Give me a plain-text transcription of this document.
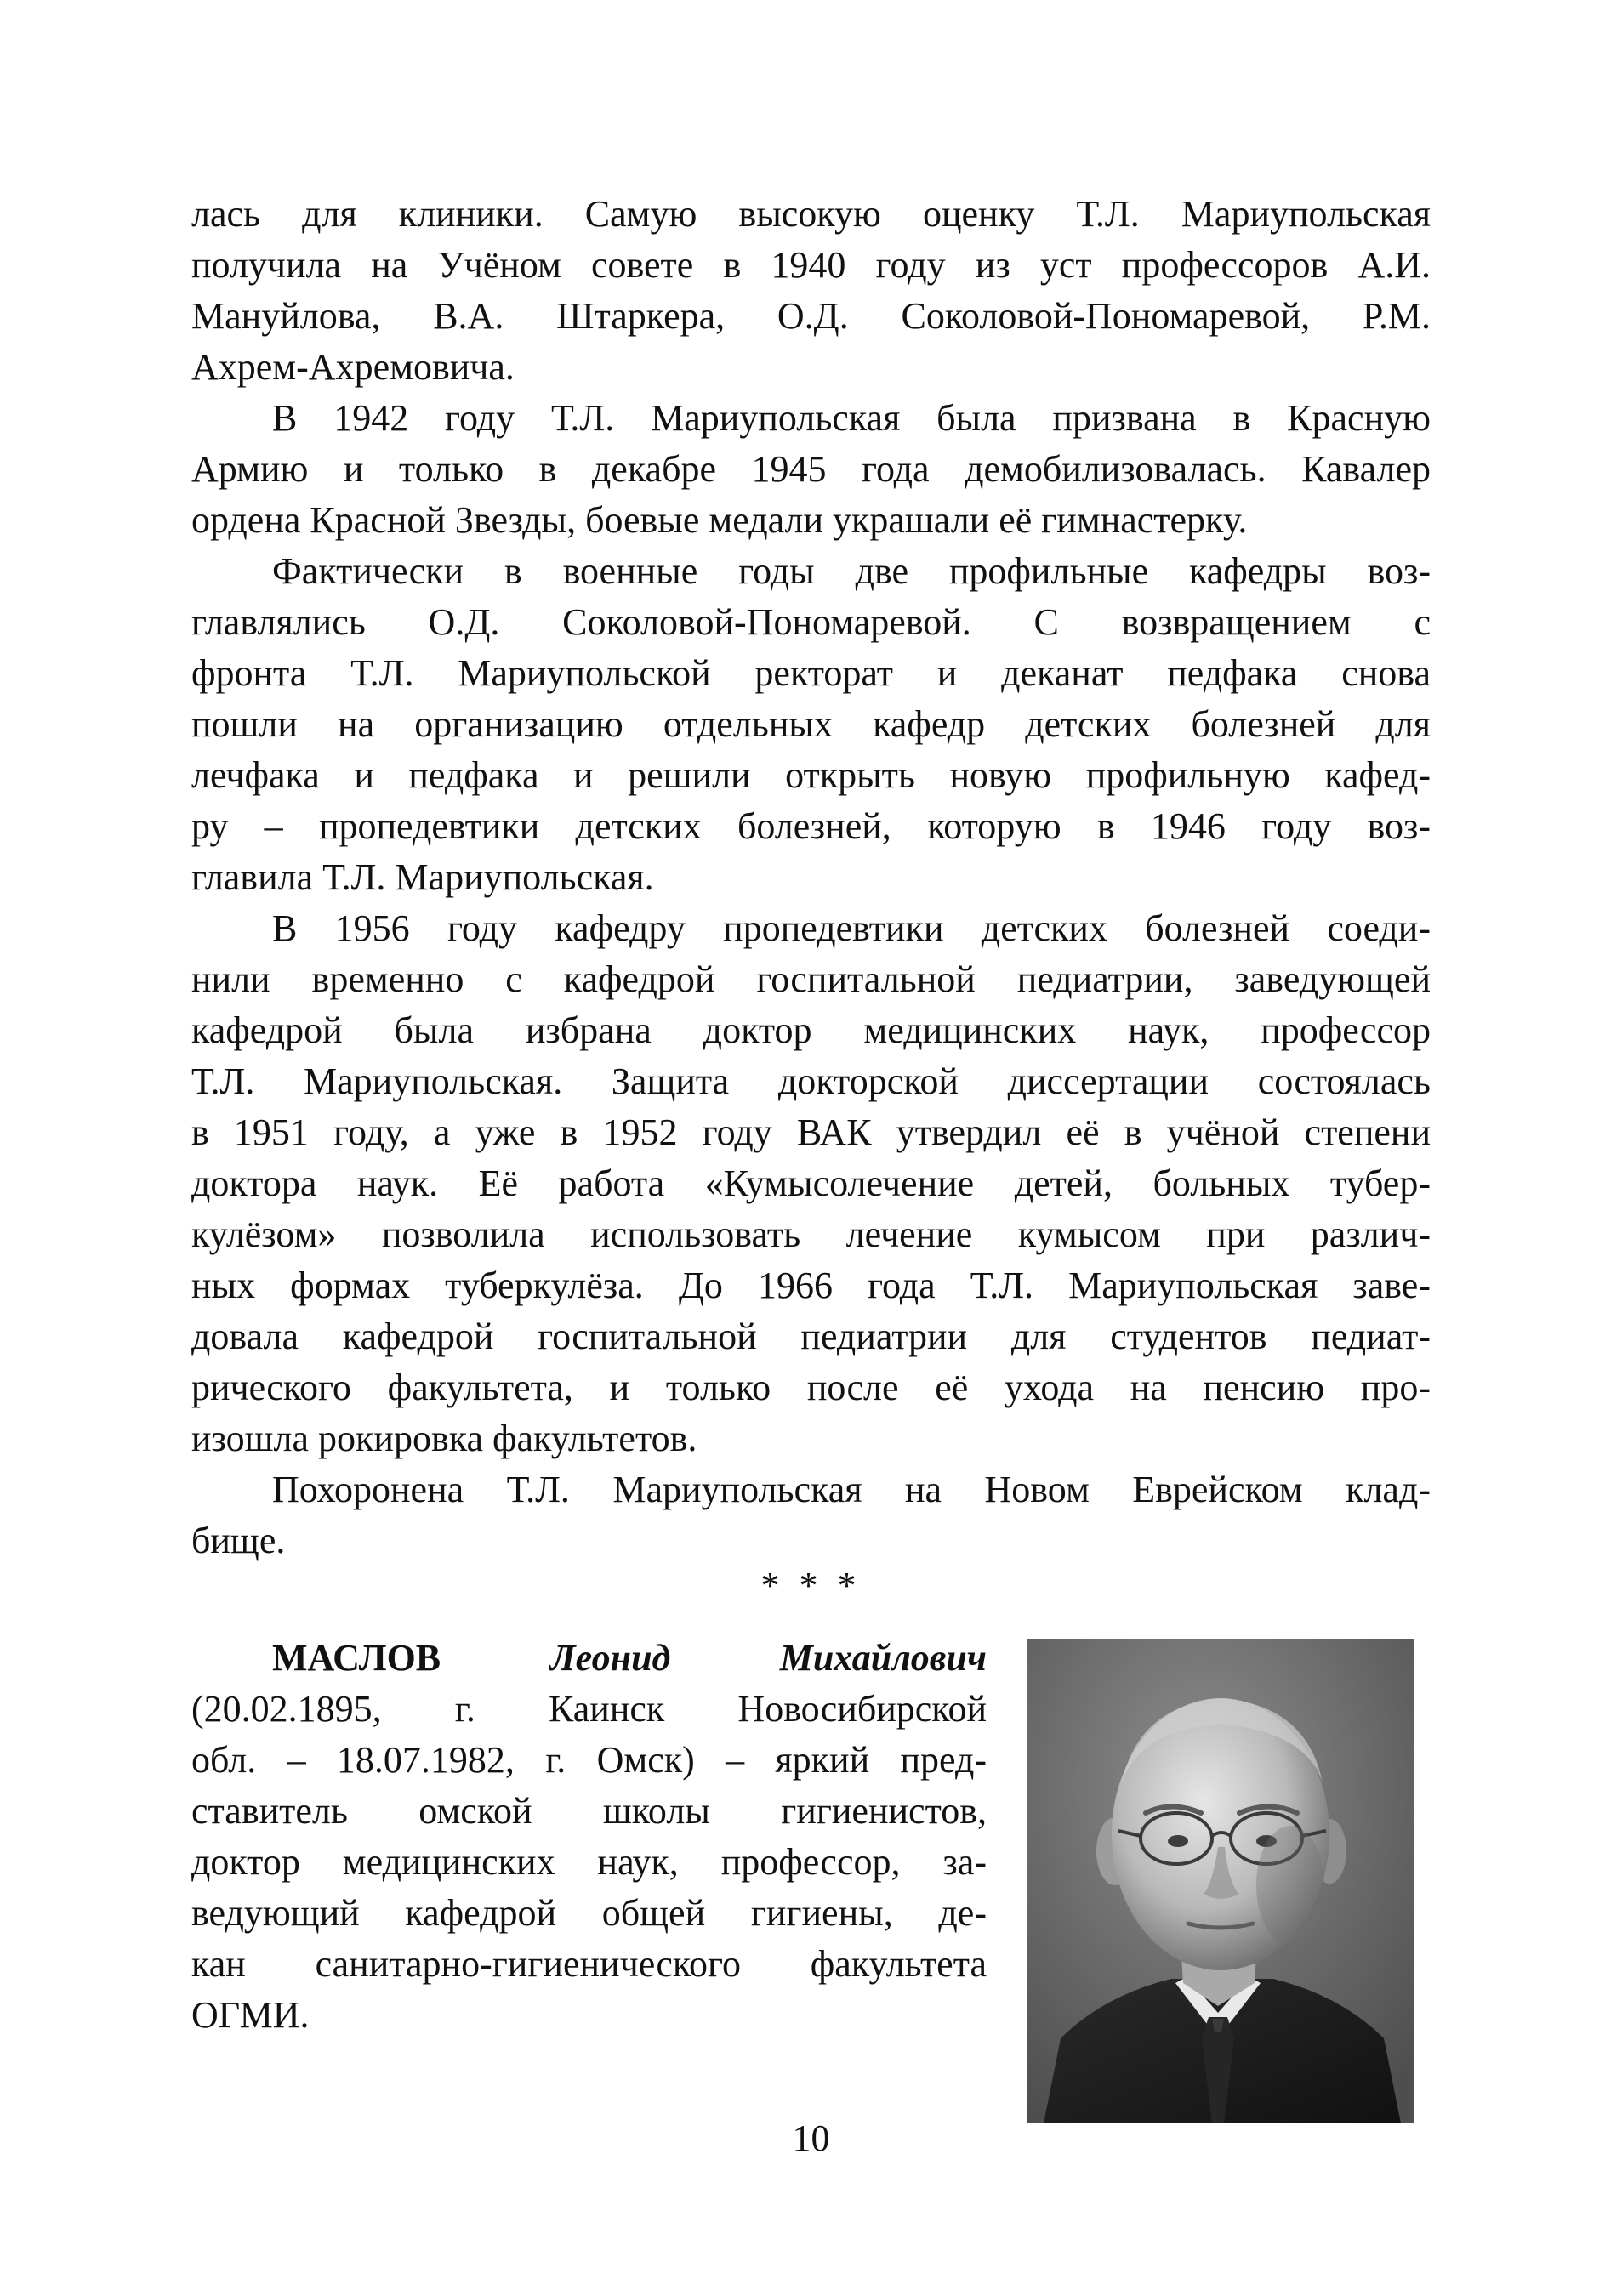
лась для клиники. Самую высокую оценку Т.Л. Мариупольская
получила на Учёном совете в 1940 году из уст профессоров А.И.
Мануйлова, В.А. Штаркера, О.Д. Соколовой-Пономаревой, Р.М.
Ахрем-Ахремовича.

В 1942 году Т.Л. Мариупольская была призвана в Красную
Армию и только в декабре 1945 года демобилизовалась. Кавалер
ордена Красной Звезды, боевые медали украшали её гимнастерку.

Фактически в военные годы две профильные кафедры воз-
главлялись О.Д. Соколовой-Пономаревой. С возвращением с
фронта Т.Л. Мариупольской ректорат и деканат педфака снова
пошли на организацию отдельных кафедр детских болезней для
лечфака и педфака и решили открыть новую профильную кафед-
ру – пропедевтики детских болезней, которую в 1946 году воз-
главила Т.Л. Мариупольская.

В 1956 году кафедру пропедевтики детских болезней соеди-
нили временно с кафедрой госпитальной педиатрии, заведующей
кафедрой была избрана доктор медицинских наук, профессор
Т.Л. Мариупольская. Защита докторской диссертации состоялась
в 1951 году, а уже в 1952 году ВАК утвердил её в учёной степени
доктора наук. Её работа «Кумысолечение детей, больных тубер-
кулёзом» позволила использовать лечение кумысом при различ-
ных формах туберкулёза. До 1966 года Т.Л. Мариупольская заве-
довала кафедрой госпитальной педиатрии для студентов педиат-
рического факультета, и только после её ухода на пенсию про-
изошла рокировка факультетов.

Похоронена Т.Л. Мариупольская на Новом Еврейском клад-
бище.

* * *
МАСЛОВ	Леонид Михайлович
(20.02.1895, г. Каинск Новосибирской
обл. – 18.07.1982, г. Омск) – яркий пред-
ставитель омской школы гигиенистов,
доктор медицинских наук, профессор, за-
ведующий кафедрой общей гигиены, де-
кан санитарно-гигиенического факультета
ОГМИ.
10
